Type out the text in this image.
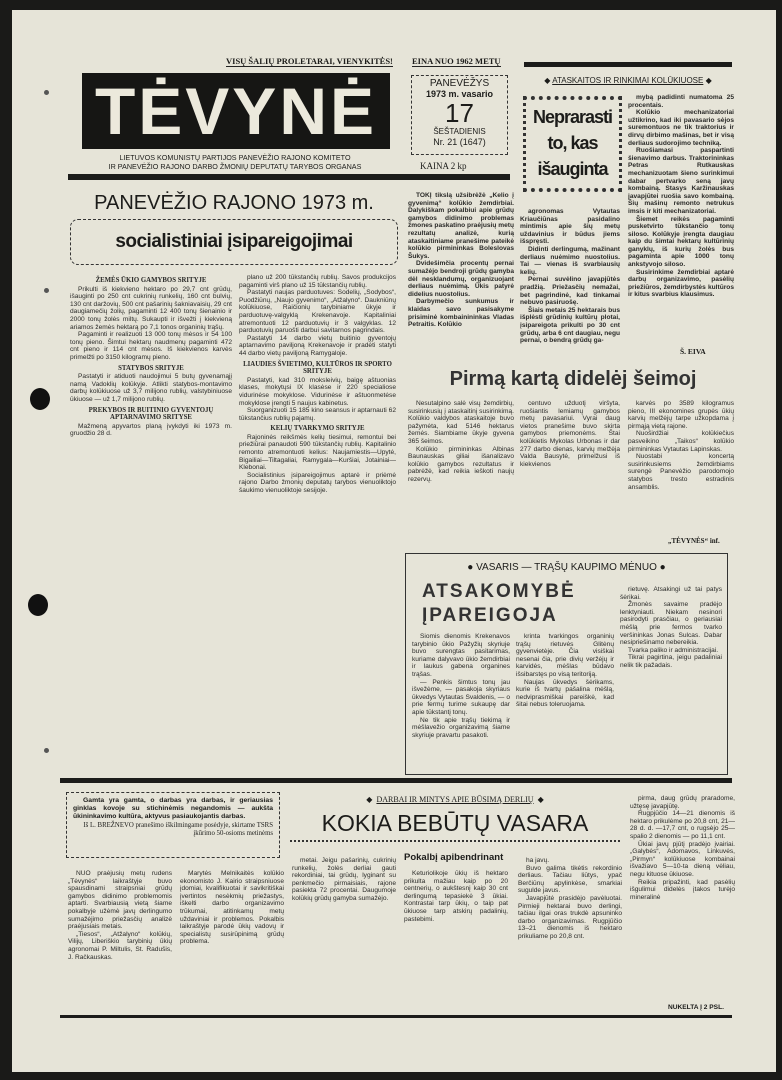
VISŲ ŠALIŲ PROLETARAI, VIENYKITĖS! EINA NUO 1962 METŲ
TĖVYNĖ
LIETUVOS KOMUNISTŲ PARTIJOS PANEVĖŽIO RAJONO KOMITETO
IR PANEVĖŽIO RAJONO DARBO ŽMONIŲ DEPUTATŲ TARYBOS ORGANAS
PANEVĖŽYS
1973 m. vasario
17
ŠEŠTADIENIS
Nr. 21 (1647)
KAINA 2 kp
PANEVĖŽIO RAJONO 1973 m.
socialistiniai įsipareigojimai
ŽEMĖS ŪKIO GAMYBOS SRITYJE

Prikulti iš kiekvieno hektaro po 29,7 cnt grūdų, išauginti po 250 cnt cukrinių runkelių, 160 cnt bulvių, 130 cnt daržovių, 500 cnt pašarinių šakniavaisių, 29 cnt daugiamečių žolių, pagaminti 12 400 tonų šienainio ir 2000 tonų žolės miltų. Sukaupti ir išvežti į kiekvieną ariamos žemės hektarą po 7,1 tonos organinių trąšų.

Pagaminti ir realizuoti 13 000 tonų mėsos ir 54 100 tonų pieno. Šimtui hektarų naudmenų pagaminti 472 cnt pieno ir 114 cnt mėsos. Iš kiekvienos karvės primelžti po 3150 kilogramų pieno.

STATYBOS SRITYJE

Pastatyti ir atiduoti naudojimui 5 butų gyvenamąjį namą Vadoklių kolūkyje. Atlikti statybos-montavimo darbų kolūkiuose už 3,7 milijono rublių, valstybiniuose ūkiuose — už 1,7 milijono rublių.

PREKYBOS IR BUITINIO GYVENTOJŲ APTARNAVIMO SRITYSE

Mažmeną apyvartos planą įvykdyti iki 1973 m. gruodžio 28 d.

plano už 200 tūkstančių rublių. Savos produkcijos pagaminti virš plano už 15 tūkstančių rublių.

Pastatyti naujas parduotuves: Sodelių, „Sodybos“, Puodžiūnų, „Naujo gyvenimo“, „Atžalyno“. Daukniūnų kolūkiuose, Raičionių tarybiniame ūkyje ir parduotuvę-valgyklą Krekenavoje. Kapitaliniai atremontuoti 12 parduotuvių ir 3 valgyklas. 12 parduotuvių paruošti darbui savitarnos pagrindais.

Pastatyti 14 darbo vietų buitinio gyventojų aptarnavimo paviljoną Krekenavoje ir pradėti statyti 44 darbo vietų paviljoną Ramygaloje.

LIAUDIES ŠVIETIMO, KULTŪROS IR SPORTO SRITYJE

Pastatyti, kad 310 moksleivių, baigę aštuonias klases, mokytųsi IX klasėse ir 220 specialiose vidurinėse mokyklose. Vidurinėse ir aštuonmetėse mokyklose įrengti 5 naujus kabinetus.

Suorganizuoti 15 185 kino seansus ir aptarnauti 62 tūkstančius rublių pajamų.

KELIŲ TVARKYMO SRITYJE

Rajoninės reikšmės kelių tiesimui, remontui bei priežiūrai panaudoti 590 tūkstančių rublių. Kapitalinio remonto atremontuoti kelius: Naujamiestis—Upytė, Bigailiai—Tiltagaliai, Ramygala—Kuršiai, Jotainiai—Klebonai.

Socialistinius įsipareigojimus aptarė ir priėmė rajono Darbo žmonių deputatų tarybos vienuoliktojo šaukimo vienuoliktoje sesijoje.

◆ ATASKAITOS IR RINKIMAI KOLŪKIUOSE ◆
Neprarasti to, kas išauginta

TOKĮ tikslą užsibrėžė „Kelio į gyvenimą“ kolūkio žemdirbiai. Dalykiškam pokalbiui apie grūdų gamybos didinimo problemas žmones paskatino praėjusių metų rezultatų analizė, kurią ataskaitiniame pranešime pateikė kolūkio pirmininkas Boleslovas Šukys.

Dvidešimčia procentų pernai sumažėjo bendroji grūdų gamyba dėl nesklandumų, organizuojant derliaus nuėmimą. Ūkis patyrė didelius nuostolius.

Darbymečio sunkumus ir klaidas savo pasisakyme prisiminė kombainininkas Vladas Petraitis. Kolūkio

agronomas Vytautas Kriaučiūnas pasidalino mintimis apie šių metų uždavinius ir būdus jiems išspręsti.

Didinti derlingumą, mažinant derliaus nuėmimo nuostolius. Tai — vienas iš svarbiausių kelių.

Pernai suvėlino javapjūtės pradžią. Priežasčių nemažai, bet pagrindinė, kad tinkamai nebuvo pasiruošę.

Šiais metais 25 hektarais bus išplėsti grūdinių kultūrų plotai, įsipareigota prikulti po 30 cnt grūdų, arba 6 cnt daugiau, negu pernai, o bendrą grūdų ga-

mybą padidinti numatoma 25 procentais.

Kolūkio mechanizatoriai užtikrino, kad iki pavasario sėjos suremontuos ne tik traktorius ir dirvų dirbimo mašinas, bet ir visą derliaus sudorojimo techniką.

Ruošiamasi paspartinti šienavimo darbus. Traktorininkas Petras Rutkauskas mechanizuotam šieno surinkimui dabar pertvarko seną javų kombainą. Stasys Karžinauskas javapjūtei ruošia savo kombainą. Šių mašinų remonto netrukus imsis ir kiti mechanizatoriai.

Šiemet reikės pagaminti pusketvirto tūkstančio tonų siloso. Kolūkyje įrengta daugiau kaip du šimtai hektarų kultūrinių ganyklų, iš kurių žolės bus pagaminta apie 1000 tonų ankstyvojo siloso.

Susirinkime žemdirbiai aptarė darbų organizavimo, pasėlių priežiūros, žemdirbystės kultūros ir kitus svarbius klausimus.

Š. EIVA
Pirmą kartą didelėj šeimoj

Nesutalpino salė visų žemdirbių, susirinkusių į ataskaitinį susirinkimą. Kolūkio valdybos ataskaitoje buvo pažymėta, kad 5146 hektarus žemės. Siambiame ūkyje gyvena 365 šeimos.

Kolūkio pirmininkas Albinas Baunauskas giliai išanalizavo kolūkio gamybos rezultatus ir pabrėžė, kad reikia ieškoti naujų rezervų.

centuvo užduotį viršyta, ruošiantis lemiamų gamybos metų pavasariui. Vyrai daug vietos pranešime buvo skirta gamybos priemonėms. Štai kolūkietis Mykolas Urbonas ir dar 277 darbo dienas, karvių melžėja Valda Bausytė, primelžusi iš kiekvienos

karvės po 3589 kilogramus pieno, III ekonomines grupės ūkių karvių melžėjų tarpe užkopdama į pirmąją vietą rajone.

Nuoširdžiai kolūkiečius pasveikino „Taikos“ kolūkio pirmininkas Vytautas Lapinskas.

Nuostabi koncertą susirinkusiems žemdirbiams surengė Panevėžio parodomojo statybos tresto estradinis ansamblis.

„TĖVYNĖS“ inf.
● VASARIS — TRĄŠŲ KAUPIMO MĖNUO ●
ATSAKOMYBĖ
ĮPAREIGOJA

Šiomis dienomis Krekenavos tarybinio ūkio Pažyžių skyriuje buvo surengtas pasitarimas, kuriame dalyvavo ūkio žemdirbiai ir laukus gabena organines trąšas.

— Penkis šimtus tonų jau išvežėme, — pasakoja skyriaus ūkvedys Vytautas Svaldenis, — o prie fermų turime sukaupę dar apie tūkstantį tonų.

Ne tik apie trąšų tiekimą ir mėšlavežio organizavimą šiame skyriuje pravartu pasakoti.

krinta tvarkingos organinių trąšų rietuvės Glitėnų gyvenvietėje. Čia visiškai nesenai čia, prie divių veržėjų ir karvidės, mėšlas būdavo išsibarstęs po visą teritoriją.

Naujas ūkvedys šėrikams, kurie iš tvartų pašalina mėšlą, nedviprasmiškai pareiškė, kad šitai nebus toleruojama.

rietuvę. Atsakingi už tai patys šėrikai.

Žmonės savaime pradėjo lenktyniauti. Niekam nesinori pasirodyti prasčiau, o geriausiai mėšlą prie fermos tvarko veršininkas Jonas Sulcas. Dabar nesipriešinamo nebereikia.

Tvarka paliko ir administracijai.

Tikrai pagirtina, jeigu padaliniai nelik tik pažadais.

Gamta yra gamta, o darbas yra darbas, ir geriausias ginklas kovoje su stichinėmis negandomis — aukšta ūkininkavimo kultūra, aktyvus pasiaukojantis darbas.
Iš L. BREŽNEVO pranešimo iškilmingame posėdyje, skirtame TSRS įkūrimo 50-osioms metinėms
◆  DARBAI IR MINTYS APIE BŪSIMĄ DERLIŲ  ◆
KOKIA BEBŪTŲ VASARA

NUO praėjusių metų rudens „Tėvynės“ laikraštyje buvo spausdinami straipsniai grūdų gamybos didinimo problemomis aptarti. Svarbiausią vietą šiame pokalbyje užėmė javų derlingumo sumažėjimo priežasčių analizė praėjusiais metais.

„Tiesos“, „Atžalyno“ kolūkių, Vilijų, Liberiškio tarybinių ūkių agronomai P. Miltulis, St. Radušis, J. Račkauskas.

Marytės Melnikaitės kolūkio ekonomisto J. Kairio straipsniuose įdomiai, kvalifikuotai ir savikritiškai įvertintos nesėkmių priežastys, iškelti darbo organizavimo trūkumai, atitinkamų metų uždaviniai ir problemos. Pokalbis laikraštyje parodė ūkių vadovų ir specialistų susirūpinimą grūdų problema.

metai. Jeigu pašarinių, cukrinių runkelių, žolės derliai gauti rekordiniai, tai grūdų, lyginant su penkmečio pirmaisiais, rajone pasiekta 72 procentai. Daugumoje kolūkių grūdų gamyba sumažėjo.

Pokalbį apibendrinant

Keturiolikoje ūkių iš hektaro prikulta mažiau kaip po 20 centnerių, o aukštesnį kaip 30 cnt derlingumą tepasiekė 3 ūkiai. Kontrastai tarp ūkių, o taip pat ūkiuose tarp atskirų padalinių, pastebimi.

ha javų.

Buvo galima tikėtis rekordinio derliaus. Tačiau liūtys, ypač Berčiūnų apylinkėse, smarkiai sugulde javus.

Javapjūtė prasidėjo pavėluotai. Pirmieji hektarai buvo derlingi, tačiau ilgai oras trukdė apsuninko darbo organizavimas. Rugpjūčio 13–21 dienomis iš hektaro prikuliame po 20,8 cnt.

pirma, daug grūdų praradome, užtęsę javapjūtę.

Rugpjūčio 14—21 dienomis iš hektaro prikulėme po 20,8 cnt, 21—28 d. d. —17,7 cnt, o rugsėjo 25—spalio 2 dienomis — po 11,1 cnt.

Ūkiai javų pjūtį pradėjo įvairiai. „Galybės“, Adomavos, Linkuvės, „Pirmyn“ kolūkiuose kombainai išvažiavo 5—10-ta dieną vėliau, negu kituose ūkiuose.

Reikia pripažinti, kad pasėlių išgulimui didelės įtakos turėjo mineralinė

NUKELTA Į 2 PSL.
